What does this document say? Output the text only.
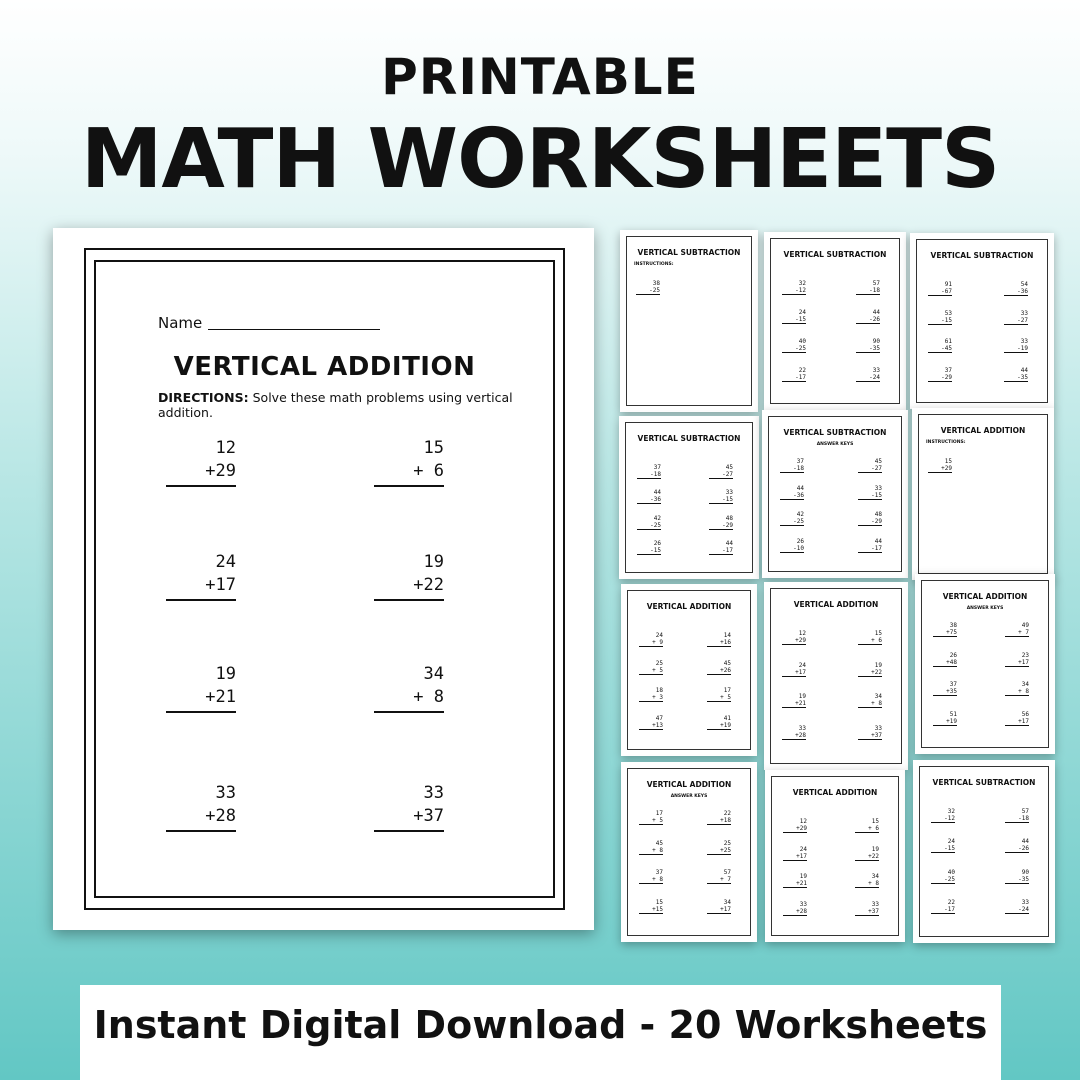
PRINTABLE
MATH WORKSHEETS
Name
VERTICAL ADDITION
DIRECTIONS: Solve these math problems using vertical addition.
12
+29
15
+ 6
24
+17
19
+22
19
+21
34
+ 8
33
+28
33
+37
VERTICAL SUBTRACTION
INSTRUCTIONS:
38
-25
VERTICAL SUBTRACTION
32
-12
57
-18
24
-15
44
-26
40
-25
90
-35
22
-17
33
-24
VERTICAL SUBTRACTION
91
-67
54
-36
53
-15
33
-27
61
-45
33
-19
37
-29
44
-35
VERTICAL SUBTRACTION
37
-18
45
-27
44
-36
33
-15
42
-25
48
-29
26
-15
44
-17
VERTICAL SUBTRACTION
ANSWER KEYS
37
-18
45
-27
44
-36
33
-15
42
-25
48
-29
26
-10
44
-17
VERTICAL ADDITION
INSTRUCTIONS:
15
+29
VERTICAL ADDITION
24
+ 9
14
+16
25
+ 5
45
+26
18
+ 3
17
+ 5
47
+13
41
+19
VERTICAL ADDITION
12
+29
15
+ 6
24
+17
19
+22
19
+21
34
+ 8
33
+28
33
+37
VERTICAL ADDITION
ANSWER KEYS
38
+75
49
+ 7
26
+48
23
+17
37
+35
34
+ 8
51
+19
56
+17
VERTICAL ADDITION
ANSWER KEYS
17
+ 5
22
+18
45
+ 8
25
+25
37
+ 8
57
+ 7
15
+15
34
+17
VERTICAL ADDITION
12
+29
15
+ 6
24
+17
19
+22
19
+21
34
+ 8
33
+28
33
+37
VERTICAL SUBTRACTION
32
-12
57
-18
24
-15
44
-26
40
-25
90
-35
22
-17
33
-24
Instant Digital Download - 20 Worksheets
